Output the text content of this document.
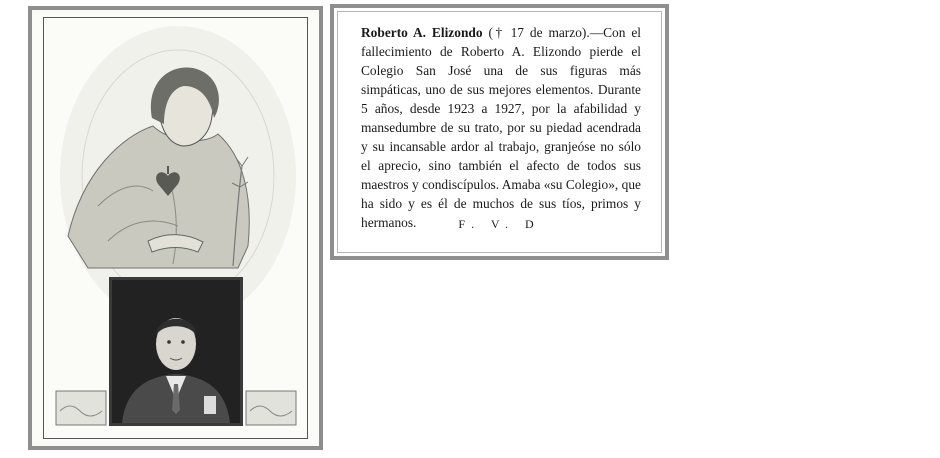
Roberto A. Elizondo († 17 de marzo).—Con el fallecimiento de Roberto A. Elizondo pierde el Colegio San José una de sus figuras más simpáticas, uno de sus mejores elementos. Durante 5 años, desde 1923 a 1927, por la afabilidad y mansedumbre de su trato, por su piedad acendrada y su incansable ardor al trabajo, granjeóse no sólo el aprecio, sino también el afecto de todos sus maestros y condiscípulos. Amaba «su Colegio», que ha sido y es él de muchos de sus tíos, primos y hermanos.	F. V. D
